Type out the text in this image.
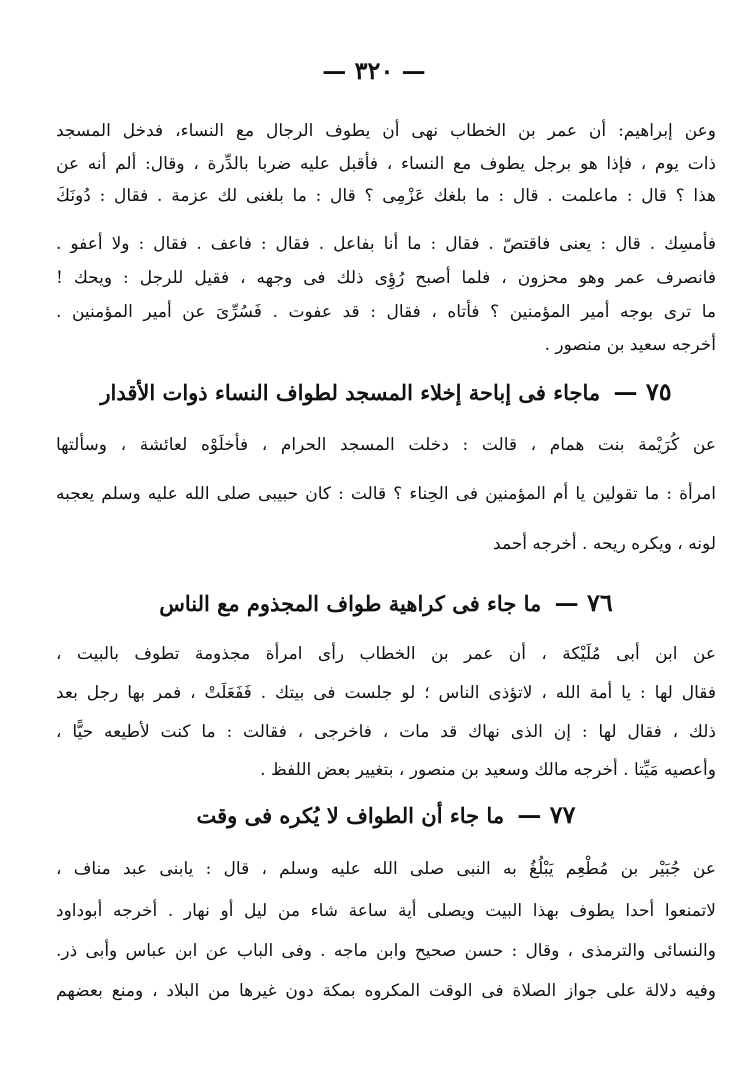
— ٣٢٠ —
وعن إبراهيم: أن عمر بن الخطاب نهى أن يطوف الرجال مع النساء، فدخل المسجد
ذات يوم ، فإذا هو برجل يطوف مع النساء ، فأقبل عليه ضربا بالدِّرة ، وقال: ألم أنه عن
هذا ؟ قال : ماعلمت . قال : ما بلغك عَزْمِى ؟ قال : ما بلغنى لك عزمة . فقال : دُونَكَ
فأمسِك . قال : يعنى فاقتصّ . فقال : ما أنا بفاعل . فقال : فاعف . فقال : ولا أعفو .
فانصرف عمر وهو محزون ، فلما أصبح رُؤِى ذلك فى وجهه ، فقيل للرجل : ويحك !
ما ترى بوجه أمير المؤمنين ؟ فأتاه ، فقال : قد عفوت . فَسُرِّىَ عن أمير المؤمنين .
أخرجه سعيد بن منصور .
٧٥ — ماجاء فى إباحة إخلاء المسجد لطواف النساء ذوات الأقدار
عن كُرَيْمة بنت همام ، قالت : دخلت المسجد الحرام ، فأخلَوْه لعائشة ، وسألتها
امرأة : ما تقولين يا أم المؤمنين فى الحِناء ؟ قالت : كان حبيبى صلى الله عليه وسلم يعجبه
لونه ، ويكره ريحه . أخرجه أحمد
٧٦ — ما جاء فى كراهية طواف المجذوم مع الناس
عن ابن أبى مُلَيْكة ، أن عمر بن الخطاب رأى امرأة مجذومة تطوف بالبيت ،
فقال لها : يا أمة الله ، لاتؤذى الناس ؛ لو جلست فى بيتك . فَفَعَلَتْ ، فمر بها رجل بعد
ذلك ، فقال لها : إن الذى نهاك قد مات ، فاخرجى ، فقالت : ما كنت لأطيعه حيًّا ،
وأعصيه مَيِّتا . أخرجه مالك وسعيد بن منصور ، بتغيير بعض اللفظ .
٧٧ — ما جاء أن الطواف لا يُكره فى وقت
عن جُبَيْر بن مُطْعِم يَبْلُغُ به النبى صلى الله عليه وسلم ، قال : يابنى عبد مناف ،
لاتمنعوا أحدا يطوف بهذا البيت ويصلى أية ساعة شاء من ليل أو نهار . أخرجه أبوداود
والنسائى والترمذى ، وقال : حسن صحيح وابن ماجه . وفى الباب عن ابن عباس وأبى ذر.
وفيه دلالة على جواز الصلاة فى الوقت المكروه بمكة دون غيرها من البلاد ، ومنع بعضهم
